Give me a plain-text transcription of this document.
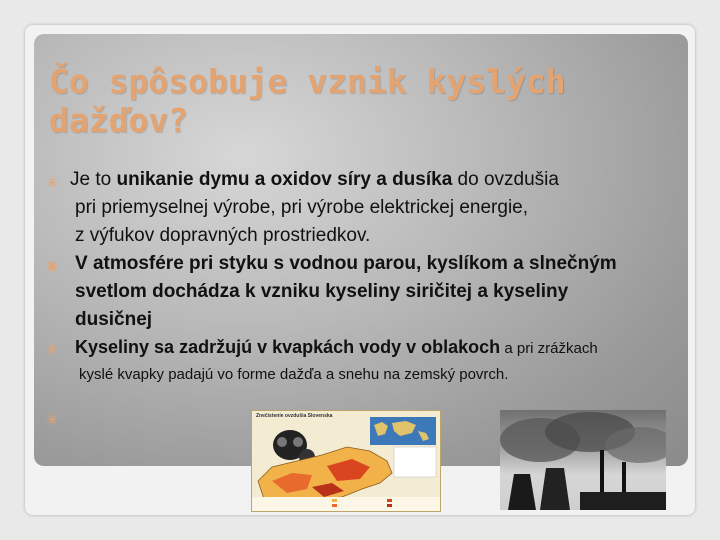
Čo spôsobuje vznik kyslých
dažďov?

✳ Je to unikanie dymu a oxidov síry a dusíka do ovzdušia
pri priemyselnej výrobe, pri výrobe elektrickej energie,
z výfukov dopravných prostriedkov.

✳ V atmosfére pri styku s vodnou parou, kyslíkom a slnečným
svetlom dochádza k vzniku kyseliny siričitej a kyseliny
dusičnej

✳ Kyseliny sa zadržujú v kvapkách vody v oblakoch a pri zrážkach
kyslé kvapky padajú vo forme dažďa a snehu na zemský povrch.

✳	Znečistenie ovzdušia Slovenska
